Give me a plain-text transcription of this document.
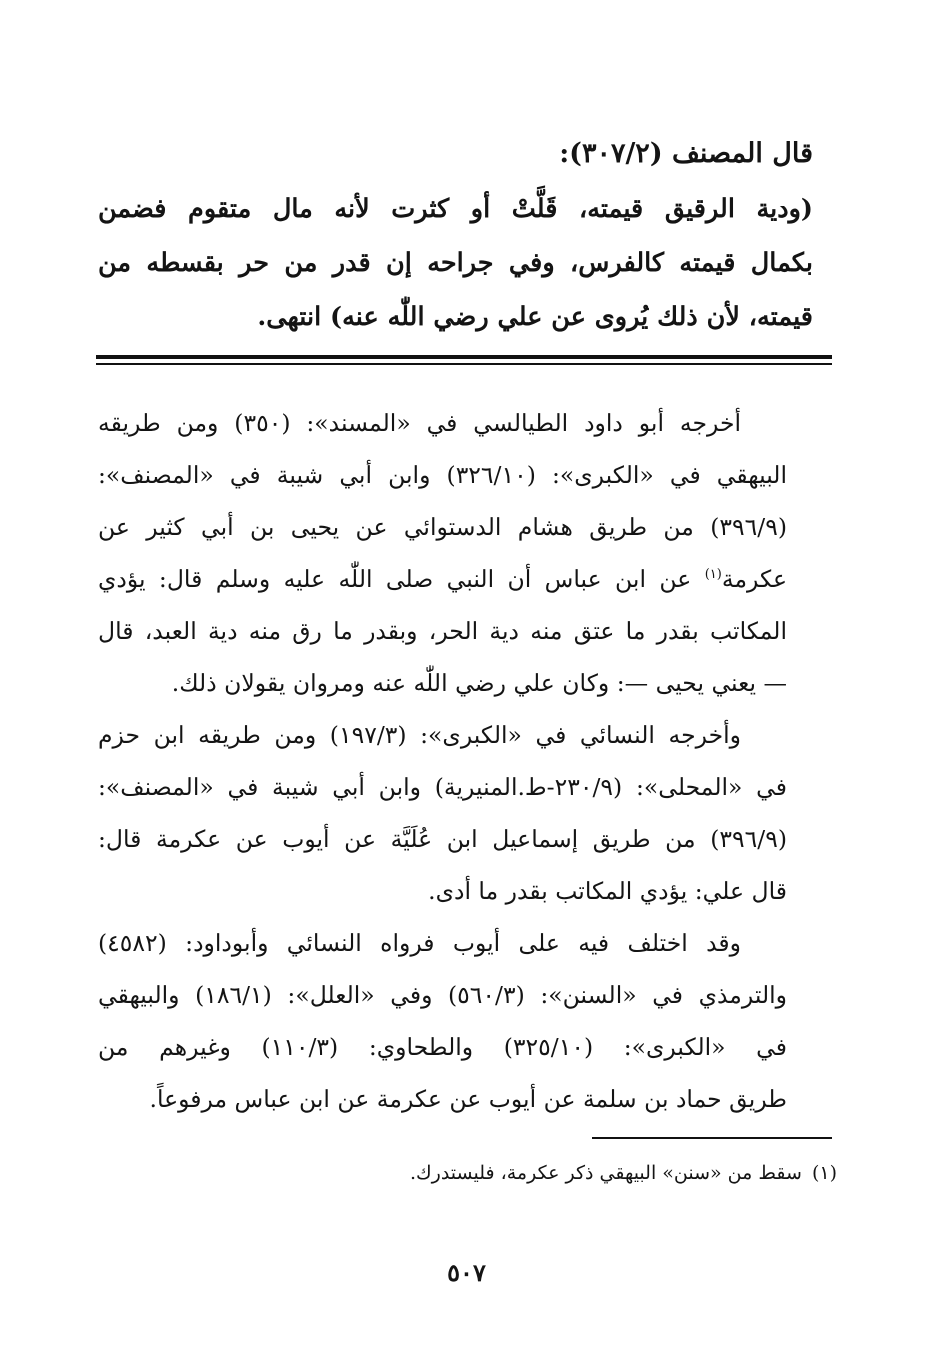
قال المصنف (٣٠٧/٢):
(ودية الرقيق قيمته، قَلَّتْ أو كثرت لأنه مال متقوم فضمن
بكمال قيمته كالفرس، وفي جراحه إن قدر من حر بقسطه من
قيمته، لأن ذلك يُروى عن علي رضي اللّٰه عنه) انتهى.

أخرجه أبو داود الطيالسي في «المسند»: (٣٥٠) ومن طريقه
البيهقي في «الكبرى»: (٣٢٦/١٠) وابن أبي شيبة في «المصنف»:
(٣٩٦/٩) من طريق هشام الدستوائي عن يحيى بن أبي كثير عن
عكرمة$^{(١)}$ عن ابن عباس أن النبي صلى اللّٰه عليه وسلم قال: يؤدي
المكاتب بقدر ما عتق منه دية الحر، وبقدر ما رق منه دية العبد، قال
— يعني يحيى —: وكان علي رضي اللّٰه عنه ومروان يقولان ذلك.

وأخرجه النسائي في «الكبرى»: (١٩٧/٣) ومن طريقه ابن حزم
في «المحلى»: (٢٣٠/٩-ط.المنيرية) وابن أبي شيبة في «المصنف»:
(٣٩٦/٩) من طريق إسماعيل ابن عُلَيَّة عن أيوب عن عكرمة قال:
قال علي: يؤدي المكاتب بقدر ما أدى.

وقد اختلف فيه على أيوب فرواه النسائي وأبوداود: (٤٥٨٢)
والترمذي في «السنن»: (٥٦٠/٣) وفي «العلل»: (١٨٦/١) والبيهقي
في «الكبرى»: (٣٢٥/١٠) والطحاوي: (١١٠/٣) وغيرهم من
طريق حماد بن سلمة عن أيوب عن عكرمة عن ابن عباس مرفوعاً.

(١)سقط من «سنن» البيهقي ذكر عكرمة، فليستدرك.
٥٠٧
